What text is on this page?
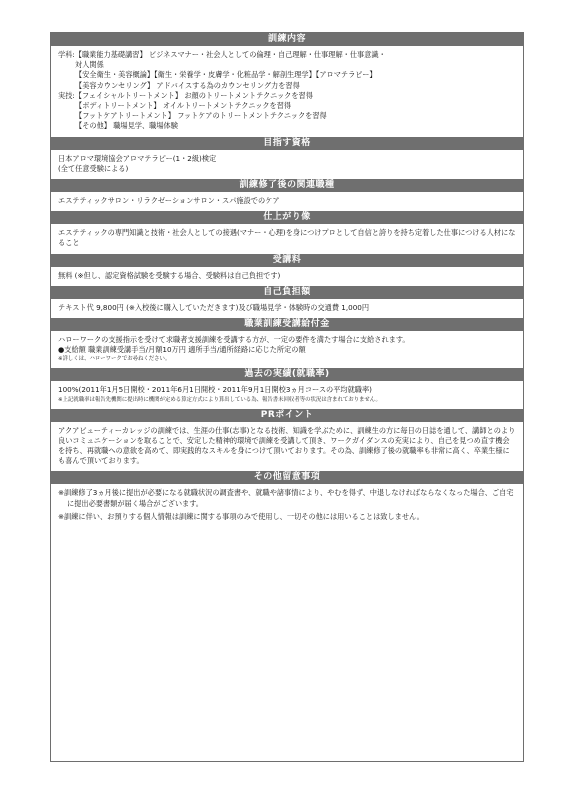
訓練内容
学科:【職業能力基礎講習】 ビジネスマナー・社会人としての倫理・自己理解・仕事理解・仕事意識・
対人関係
【安全衛生・美容概論】【衛生・栄養学・皮膚学・化粧品学・解剖生理学】【アロマテラピー】
【美容カウンセリング】 アドバイスする為のカウンセリング力を習得
実技:【フェイシャルトリートメント】 お顔のトリートメントテクニックを習得
【ボディトリートメント】 オイルトリートメントテクニックを習得
【フットケアトリートメント】 フットケアのトリートメントテクニックを習得
【その他】 職場見学、職場体験
目指す資格
日本アロマ環境協会アロマテラピー(1・2級)検定
(全て任意受験による)
訓練修了後の関連職種
エステティックサロン・リラクゼーションサロン・スパ施設でのケア
仕上がり像
エステティックの専門知識と技術・社会人としての接遇(マナー・心理)を身につけプロとして自信と誇りを持ち定着した仕事につける人材になること
受講料
無料 (※但し、認定資格試験を受験する場合、受験料は自己負担です)
自己負担額
テキスト代 9,800円 (※入校後に購入していただきます)及び職場見学・体験時の交通費 1,000円
職業訓練受講給付金
ハローワークの支援指示を受けて求職者支援訓練を受講する方が、一定の要件を満たす場合に支給されます。
●支給額 職業訓練受講手当/月額10万円 適所手当/通所経路に応じた所定の額
※詳しくは、ハローワークでお尋ねください。
過去の実績(就職率)
100%(2011年1月5日開校・2011年6月1日開校・2011年9月1日開校3ヵ月コースの平均就職率)
※上記就職率は報告先機関に提出時に機関が定める算定方式により算出している為、報告書未回収者等の状況は含まれておりません。
PRポイント
アクアビューティーカレッジの訓練では、生涯の仕事(志事)となる技術、知識を学ぶために、訓練生の方に毎日の日誌を通して、講師とのより良いコミュニケーションを取ることで、安定した精神的環境で訓練を受講して頂き、ワークガイダンスの充実により、自己を見つめ直す機会を持ち、再就職への意欲を高めて、即実践的なスキルを身につけて頂いております。その為、訓練修了後の就職率も非常に高く、卒業生様にも喜んで頂いております。
その他留意事項
※訓練修了3ヵ月後に提出が必要になる就職状況の調査書や、就職や諸事情により、やむを得ず、中退しなければならなくなった場合、ご自宅に提出必要書類が届く場合がございます。
※訓練に伴い、お預りする個人情報は訓練に関する事項のみで使用し、一切その他には用いることは致しません。
